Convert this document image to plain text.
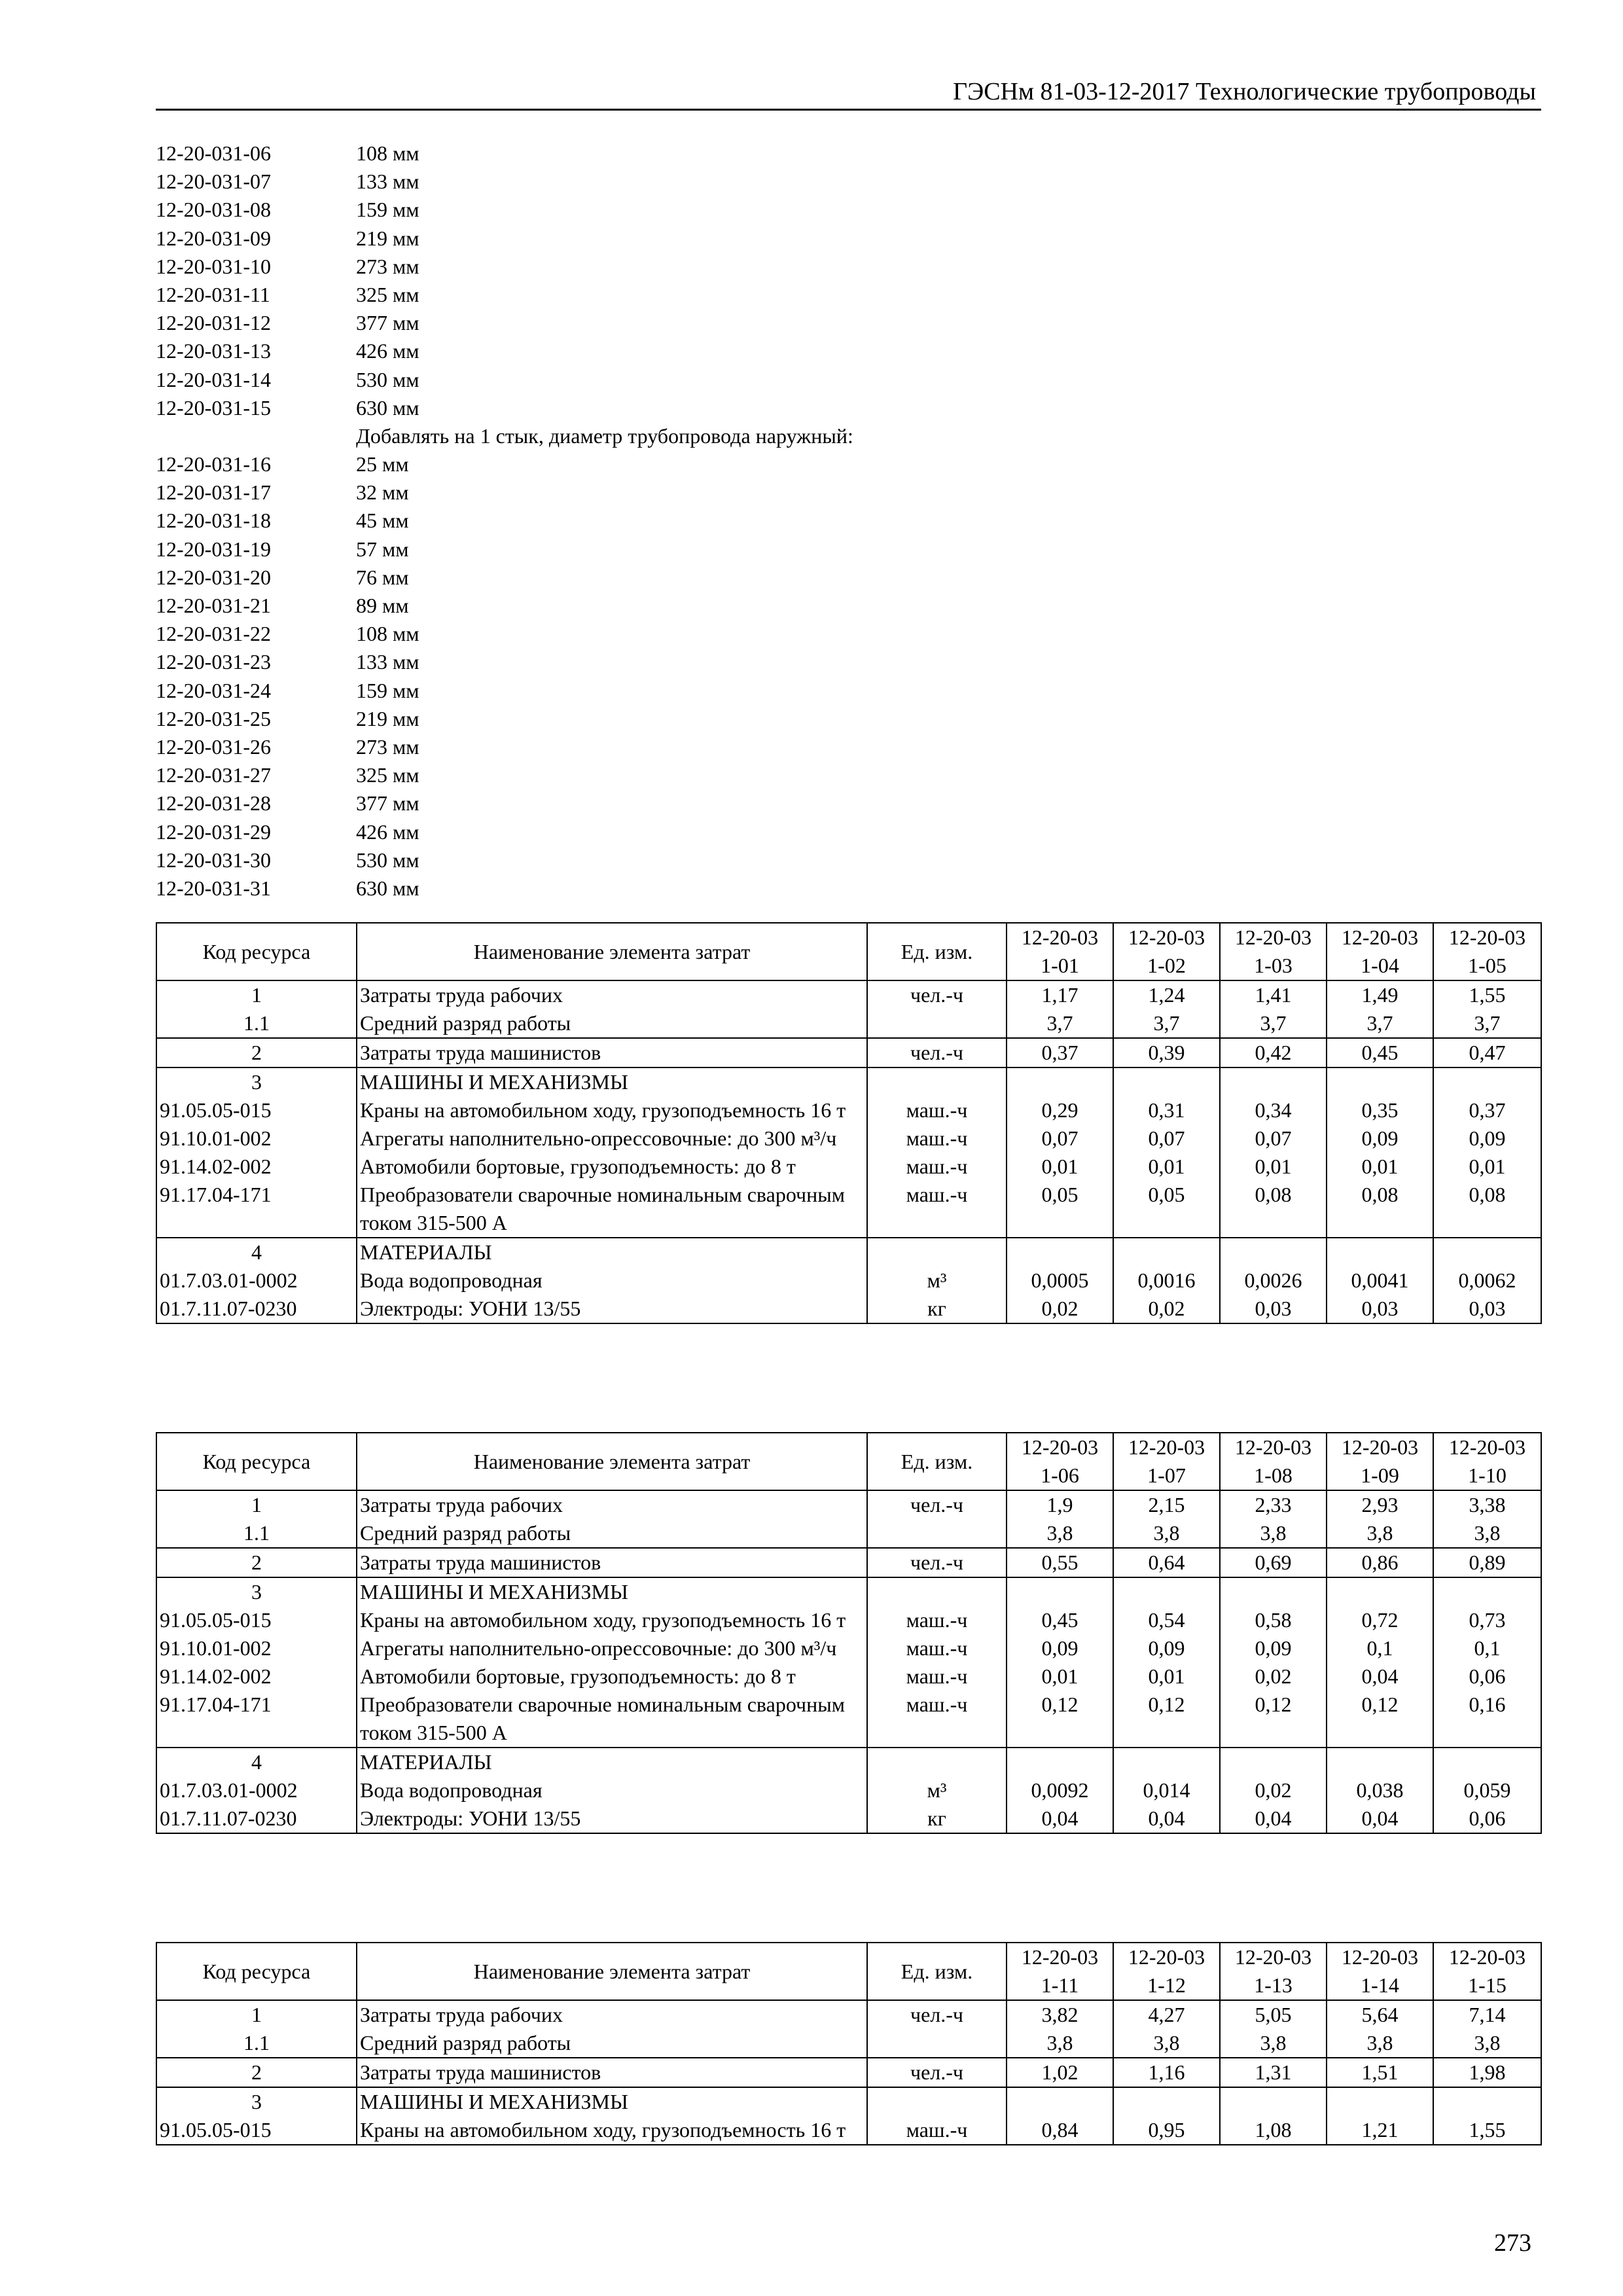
ГЭСНм 81-03-12-2017 Технологические трубопроводы
12-20-031-06	108 мм
12-20-031-07	133 мм
12-20-031-08	159 мм
12-20-031-09	219 мм
12-20-031-10	273 мм
12-20-031-11	325 мм
12-20-031-12	377 мм
12-20-031-13	426 мм
12-20-031-14	530 мм
12-20-031-15	630 мм
Добавлять на 1 стык, диаметр трубопровода наружный:
12-20-031-16	25 мм
12-20-031-17	32 мм
12-20-031-18	45 мм
12-20-031-19	57 мм
12-20-031-20	76 мм
12-20-031-21	89 мм
12-20-031-22	108 мм
12-20-031-23	133 мм
12-20-031-24	159 мм
12-20-031-25	219 мм
12-20-031-26	273 мм
12-20-031-27	325 мм
12-20-031-28	377 мм
12-20-031-29	426 мм
12-20-031-30	530 мм
12-20-031-31	630 мм
Код ресурса	Наименование элемента затрат	Ед. изм.	12-20-031-01	12-20-031-02	12-20-031-03	12-20-031-04	12-20-031-05
1	Затраты труда рабочих	чел.-ч	1,17	1,24	1,41	1,49	1,55
1.1	Средний разряд работы		3,7	3,7	3,7	3,7	3,7
2	Затраты труда машинистов	чел.-ч	0,37	0,39	0,42	0,45	0,47
3	МАШИНЫ И МЕХАНИЗМЫ						
91.05.05-015	Краны на автомобильном ходу, грузоподъемность 16 т	маш.-ч	0,29	0,31	0,34	0,35	0,37
91.10.01-002	Агрегаты наполнительно-опрессовочные: до 300 м³/ч	маш.-ч	0,07	0,07	0,07	0,09	0,09
91.14.02-002	Автомобили бортовые, грузоподъемность: до 8 т	маш.-ч	0,01	0,01	0,01	0,01	0,01
91.17.04-171	Преобразователи сварочные номинальным сварочным током 315-500 А	маш.-ч	0,05	0,05	0,08	0,08	0,08
4	МАТЕРИАЛЫ						
01.7.03.01-0002	Вода водопроводная	м³	0,0005	0,0016	0,0026	0,0041	0,0062
01.7.11.07-0230	Электроды: УОНИ 13/55	кг	0,02	0,02	0,03	0,03	0,03
Код ресурса	Наименование элемента затрат	Ед. изм.	12-20-031-06	12-20-031-07	12-20-031-08	12-20-031-09	12-20-031-10
1	Затраты труда рабочих	чел.-ч	1,9	2,15	2,33	2,93	3,38
1.1	Средний разряд работы		3,8	3,8	3,8	3,8	3,8
2	Затраты труда машинистов	чел.-ч	0,55	0,64	0,69	0,86	0,89
3	МАШИНЫ И МЕХАНИЗМЫ						
91.05.05-015	Краны на автомобильном ходу, грузоподъемность 16 т	маш.-ч	0,45	0,54	0,58	0,72	0,73
91.10.01-002	Агрегаты наполнительно-опрессовочные: до 300 м³/ч	маш.-ч	0,09	0,09	0,09	0,1	0,1
91.14.02-002	Автомобили бортовые, грузоподъемность: до 8 т	маш.-ч	0,01	0,01	0,02	0,04	0,06
91.17.04-171	Преобразователи сварочные номинальным сварочным током 315-500 А	маш.-ч	0,12	0,12	0,12	0,12	0,16
4	МАТЕРИАЛЫ						
01.7.03.01-0002	Вода водопроводная	м³	0,0092	0,014	0,02	0,038	0,059
01.7.11.07-0230	Электроды: УОНИ 13/55	кг	0,04	0,04	0,04	0,04	0,06
Код ресурса	Наименование элемента затрат	Ед. изм.	12-20-031-11	12-20-031-12	12-20-031-13	12-20-031-14	12-20-031-15
1	Затраты труда рабочих	чел.-ч	3,82	4,27	5,05	5,64	7,14
1.1	Средний разряд работы		3,8	3,8	3,8	3,8	3,8
2	Затраты труда машинистов	чел.-ч	1,02	1,16	1,31	1,51	1,98
3	МАШИНЫ И МЕХАНИЗМЫ						
91.05.05-015	Краны на автомобильном ходу, грузоподъемность 16 т	маш.-ч	0,84	0,95	1,08	1,21	1,55
273
